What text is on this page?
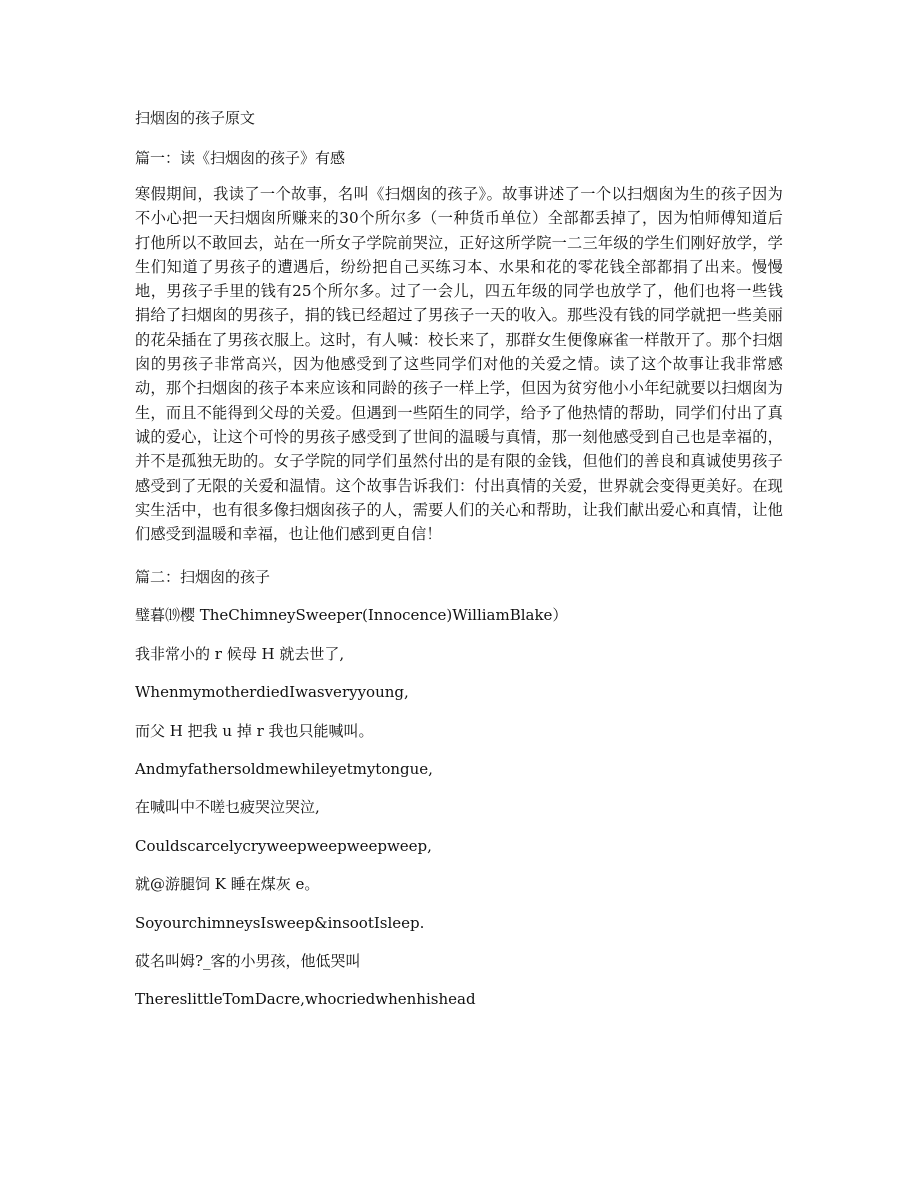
扫烟囱的孩子原文
篇一：读《扫烟囱的孩子》有感
寒假期间，我读了一个故事，名叫《扫烟囱的孩子》。故事讲述了一个以扫烟囱为生的孩子因为不小心把一天扫烟囱所赚来的30个所尔多（一种货币单位）全部都丢掉了，因为怕师傅知道后打他所以不敢回去，站在一所女子学院前哭泣，正好这所学院一二三年级的学生们刚好放学，学生们知道了男孩子的遭遇后，纷纷把自己买练习本、水果和花的零花钱全部都捐了出来。慢慢地，男孩子手里的钱有25个所尔多。过了一会儿，四五年级的同学也放学了，他们也将一些钱捐给了扫烟囱的男孩子，捐的钱已经超过了男孩子一天的收入。那些没有钱的同学就把一些美丽的花朵插在了男孩衣服上。这时，有人喊：校长来了，那群女生便像麻雀一样散开了。那个扫烟囱的男孩子非常高兴，因为他感受到了这些同学们对他的关爱之情。读了这个故事让我非常感动，那个扫烟囱的孩子本来应该和同龄的孩子一样上学，但因为贫穷他小小年纪就要以扫烟囱为生，而且不能得到父母的关爱。但遇到一些陌生的同学，给予了他热情的帮助，同学们付出了真诚的爱心，让这个可怜的男孩子感受到了世间的温暖与真情，那一刻他感受到自己也是幸福的，并不是孤独无助的。女子学院的同学们虽然付出的是有限的金钱，但他们的善良和真诚使男孩子感受到了无限的关爱和温情。这个故事告诉我们：付出真情的关爱，世界就会变得更美好。在现实生活中，也有很多像扫烟囱孩子的人，需要人们的关心和帮助，让我们献出爱心和真情，让他们感受到温暖和幸福，也让他们感到更自信！
篇二：扫烟囱的孩子
璧暮⒆樱 TheChimneySweeper(Innocence)WilliamBlake）
我非常小的 r 候母 H 就去世了,
WhenmymotherdiedIwasveryyoung,
而父 H 把我 u 掉 r 我也只能喊叫。
Andmyfathersoldmewhileyetmytongue,
在喊叫中不嗟乜疲哭泣哭泣,
Couldscarcelycryweepweepweepweep,
就@游腿饲 K 睡在煤灰 e。
SoyourchimneysIsweep&insootIsleep.
砹名叫姆?_客的小男孩，他低哭叫
ThereslittleTomDacre,whocriedwhenhishead
